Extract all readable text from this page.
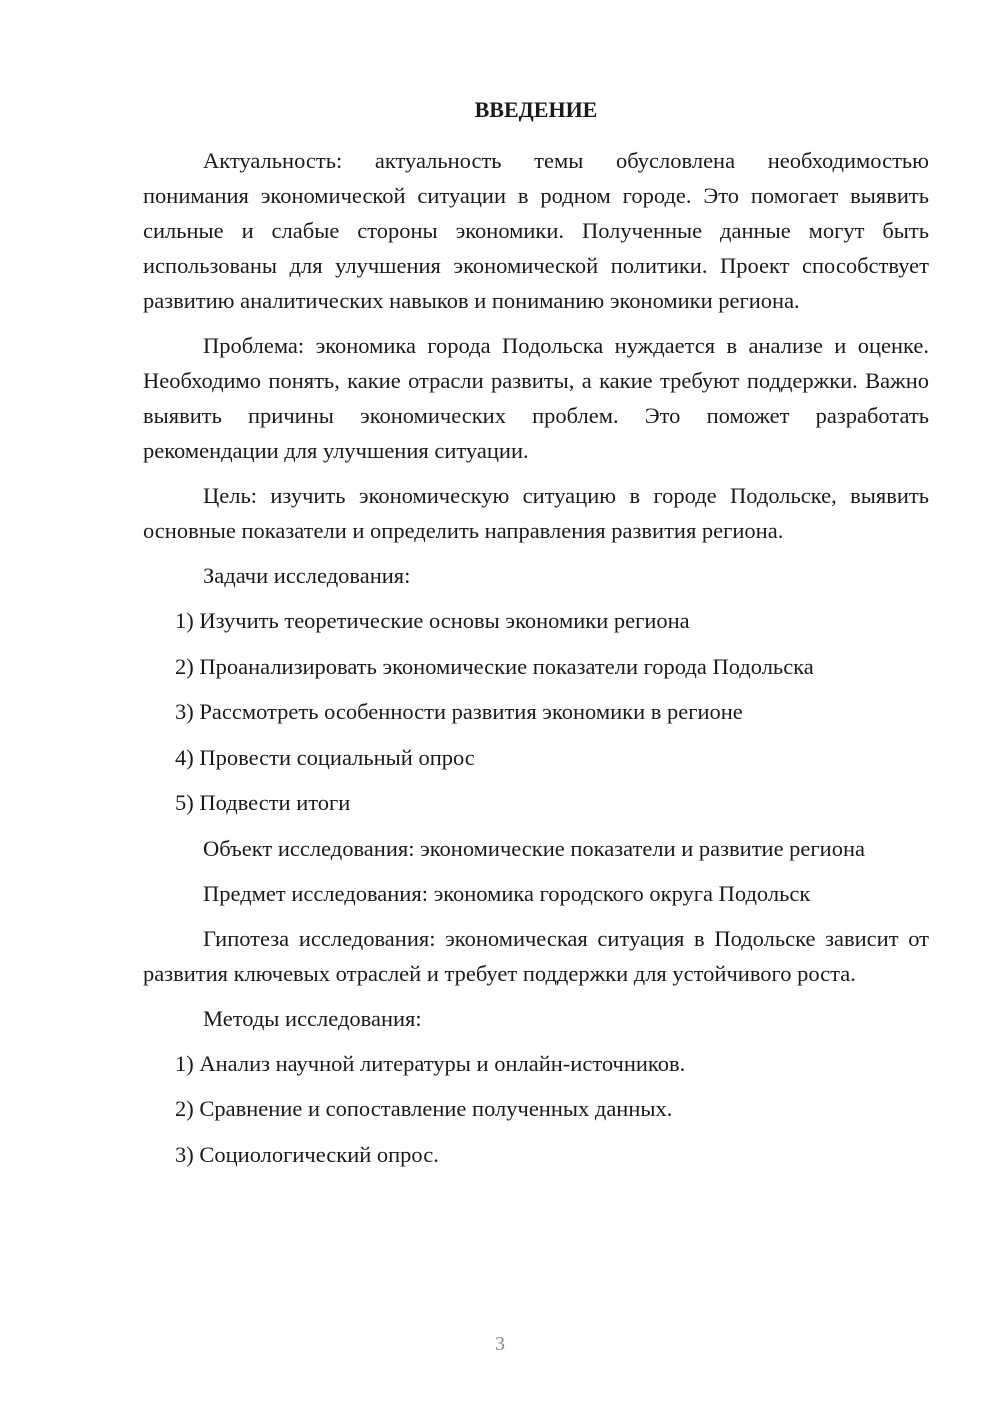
ВВЕДЕНИЕ

Актуальность: актуальность темы обусловлена необходимостью понимания экономической ситуации в родном городе. Это помогает выявить сильные и слабые стороны экономики. Полученные данные могут быть использованы для улучшения экономической политики. Проект способствует развитию аналитических навыков и пониманию экономики региона.

Проблема: экономика города Подольска нуждается в анализе и оценке. Необходимо понять, какие отрасли развиты, а какие требуют поддержки. Важно выявить причины экономических проблем. Это поможет разработать рекомендации для улучшения ситуации.

Цель: изучить экономическую ситуацию в городе Подольске, выявить основные показатели и определить направления развития региона.

Задачи исследования:

1) Изучить теоретические основы экономики региона
2) Проанализировать экономические показатели города Подольска
3) Рассмотреть особенности развития экономики в регионе
4) Провести социальный опрос
5) Подвести итоги

Объект исследования: экономические показатели и развитие региона

Предмет исследования: экономика городского округа Подольск

Гипотеза исследования: экономическая ситуация в Подольске зависит от развития ключевых отраслей и требует поддержки для устойчивого роста.

Методы исследования:

1) Анализ научной литературы и онлайн-источников.
2) Сравнение и сопоставление полученных данных.
3) Социологический опрос.
3
